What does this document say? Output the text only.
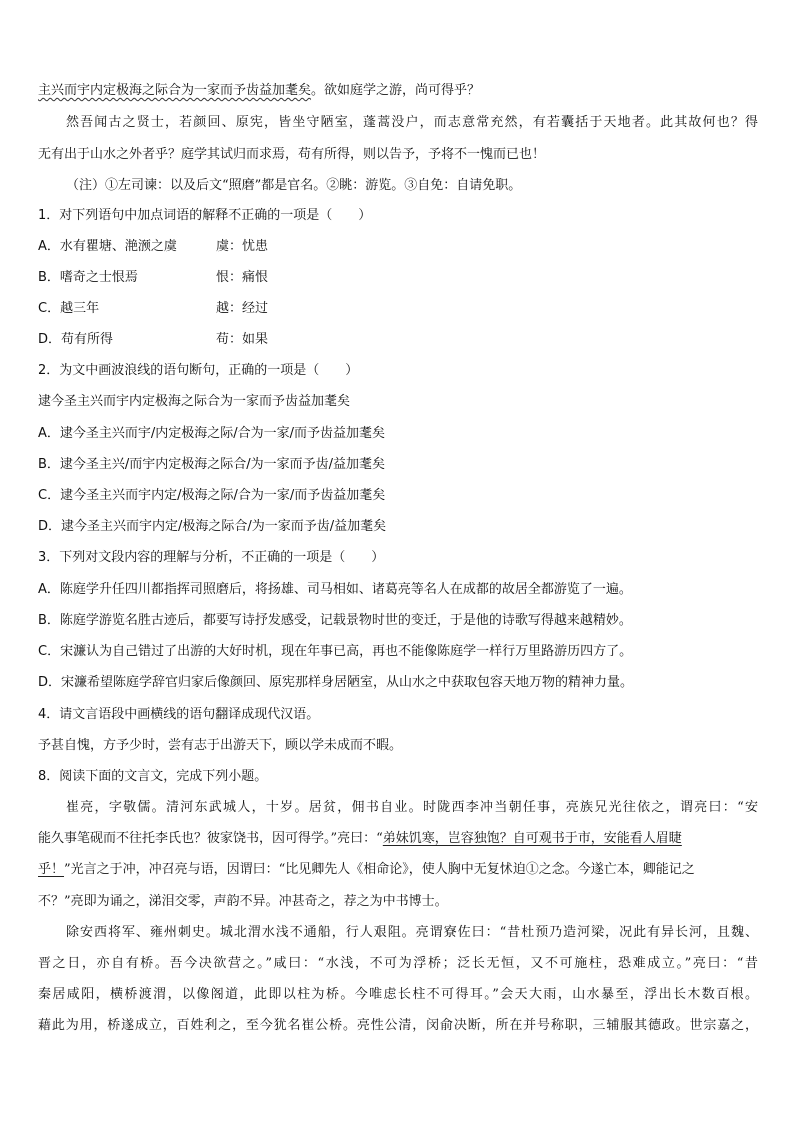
主兴而宇内定极海之际合为一家而予齿益加耄矣。欲如庭学之游，尚可得乎？
然吾闻古之贤士，若颜回、原宪，皆坐守陋室，蓬蒿没户，而志意常充然，有若囊括于天地者。此其故何也？得
无有出于山水之外者乎？庭学其试归而求焉，苟有所得，则以告予，予将不一愧而已也！
（注）①左司谏：以及后文“照磨”都是官名。②眺：游览。③自免：自请免职。
1．对下列语句中加点词语的解释不正确的一项是（　　）
A．水有瞿塘、滟滪之虞	虞：忧患
B．嗜奇之士恨焉	恨：痛恨
C．越三年	越：经过
D．苟有所得	苟：如果
2．为文中画波浪线的语句断句，正确的一项是（　　）
逮今圣主兴而宇内定极海之际合为一家而予齿益加耄矣
A．逮今圣主兴而宇/内定极海之际/合为一家/而予齿益加耄矣
B．逮今圣主兴/而宇内定极海之际合/为一家而予齿/益加耄矣
C．逮今圣主兴而宇内定/极海之际/合为一家/而予齿益加耄矣
D．逮今圣主兴而宇内定/极海之际合/为一家而予齿/益加耄矣
3．下列对文段内容的理解与分析，不正确的一项是（　　）
A．陈庭学升任四川都指挥司照磨后，将扬雄、司马相如、诸葛亮等名人在成都的故居全都游览了一遍。
B．陈庭学游览名胜古迹后，都要写诗抒发感受，记载景物时世的变迁，于是他的诗歌写得越来越精妙。
C．宋濂认为自己错过了出游的大好时机，现在年事已高，再也不能像陈庭学一样行万里路游历四方了。
D．宋濂希望陈庭学辞官归家后像颜回、原宪那样身居陋室，从山水之中获取包容天地万物的精神力量。
4．请文言语段中画横线的语句翻译成现代汉语。
予甚自愧，方予少时，尝有志于出游天下，顾以学未成而不暇。
8．阅读下面的文言文，完成下列小题。
崔亮，字敬儒。清河东武城人，十岁。居贫，佣书自业。时陇西李冲当朝任事，亮族兄光往依之，谓亮曰：“安
能久事笔砚而不往托李氏也？彼家饶书，因可得学。”亮曰：“弟妹饥寒，岂容独饱？自可观书于市，安能看人眉睫
乎！”光言之于冲，冲召亮与语，因谓曰：“比见卿先人《相命论》，使人胸中无复怵迫①之念。今遂亡本，卿能记之
不？”亮即为诵之，涕泪交零，声韵不异。冲甚奇之，荐之为中书博士。
除安西将军、雍州刺史。城北渭水浅不通船，行人艰阻。亮谓寮佐曰：“昔杜预乃造河梁，况此有异长河，且魏、
晋之日，亦自有桥。吾今决欲营之。”咸曰：“水浅，不可为浮桥；泛长无恒，又不可施柱，恐难成立。”亮曰：“昔
秦居咸阳，横桥渡渭，以像阁道，此即以柱为桥。今唯虑长柱不可得耳。”会天大雨，山水暴至，浮出长木数百根。
藉此为用，桥遂成立，百姓利之，至今犹名崔公桥。亮性公清，闵俞决断，所在并号称职，三辅服其德政。世宗嘉之，
